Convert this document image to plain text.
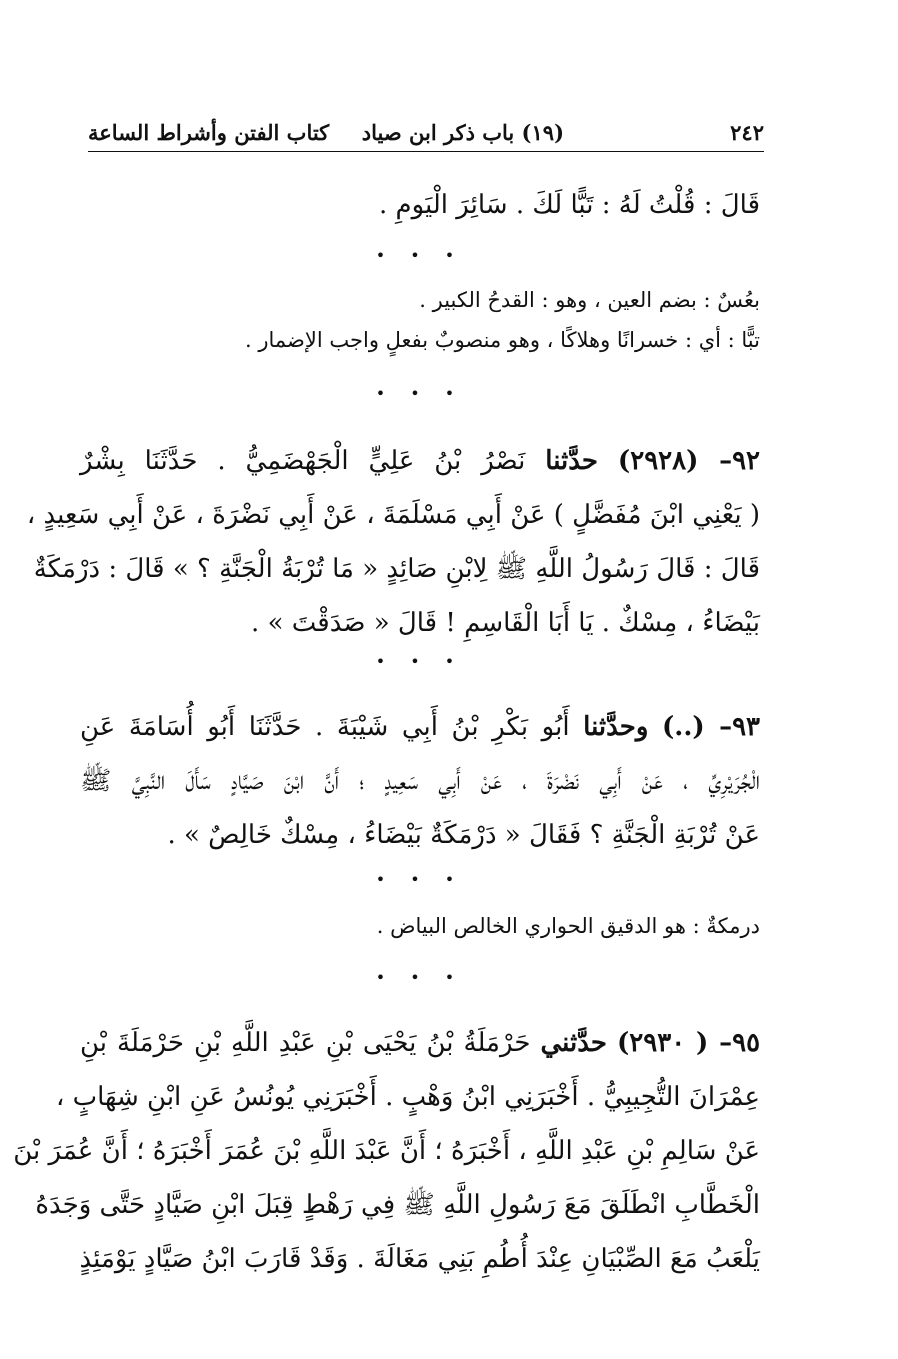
٢٤٢
(١٩) باب ذكر ابن صياد
كتاب الفتن وأشراط الساعة
قَالَ : قُلْتُ لَهُ : تَبًّا لَكَ . سَائِرَ الْيَومِ .
• • •
بعُسٌ : بضم العين ، وهو : القدحُ الكبير .
تبًّا : أي : خسرانًا وهلاكًا ، وهو منصوبٌ بفعلٍ واجب الإضمار .
• • •
٩٢– (٢٩٢٨) حدَّثنا نَصْرُ بْنُ عَلِيٍّ الْجَهْضَمِيُّ . حَدَّثَنَا بِشْرٌ
( يَعْنِي ابْنَ مُفَضَّلٍ ) عَنْ أَبِي مَسْلَمَةَ ، عَنْ أَبِي نَضْرَةَ ، عَنْ أَبِي سَعِيدٍ ،
قَالَ : قَالَ رَسُولُ اللَّهِ ﷺ لِابْنِ صَائِدٍ « مَا تُرْبَةُ الْجَنَّةِ ؟ » قَالَ : دَرْمَكَةٌ
بَيْضَاءُ ، مِسْكٌ . يَا أَبَا الْقَاسِمِ ! قَالَ « صَدَقْتَ » .
• • •
٩٣– (..) وحدَّثنا أَبُو بَكْرِ بْنُ أَبِي شَيْبَةَ . حَدَّثَنَا أَبُو أُسَامَةَ عَنِ
الْجُرَيْرِيِّ ، عَنْ أَبِي نَضْرَةَ ، عَنْ أَبِي سَعِيدٍ ؛ أَنَّ ابْنَ صَيَّادٍ سَأَلَ النَّبِيَّ ﷺ
عَنْ تُرْبَةِ الْجَنَّةِ ؟ فَقَالَ « دَرْمَكَةٌ بَيْضَاءُ ، مِسْكٌ خَالِصٌ » .
• • •
درمكةٌ : هو الدقيق الحواري الخالص البياض .
• • •
٩٥– ( ٢٩٣٠) حدَّثني حَرْمَلَةُ بْنُ يَحْيَى بْنِ عَبْدِ اللَّهِ بْنِ حَرْمَلَةَ بْنِ
عِمْرَانَ التُّجِيبِيُّ . أَخْبَرَنِي ابْنُ وَهْبٍ . أَخْبَرَنِي يُونُسُ عَنِ ابْنِ شِهَابٍ ،
عَنْ سَالِمِ بْنِ عَبْدِ اللَّهِ ، أَخْبَرَهُ ؛ أَنَّ عَبْدَ اللَّهِ بْنَ عُمَرَ أَخْبَرَهُ ؛ أَنَّ عُمَرَ بْنَ
الْخَطَّابِ انْطَلَقَ مَعَ رَسُولِ اللَّهِ ﷺ فِي رَهْطٍ قِبَلَ ابْنِ صَيَّادٍ حَتَّى وَجَدَهُ
يَلْعَبُ مَعَ الصِّبْيَانِ عِنْدَ أُطُمِ بَنِي مَغَالَةَ . وَقَدْ قَارَبَ ابْنُ صَيَّادٍ يَوْمَئِذٍ
